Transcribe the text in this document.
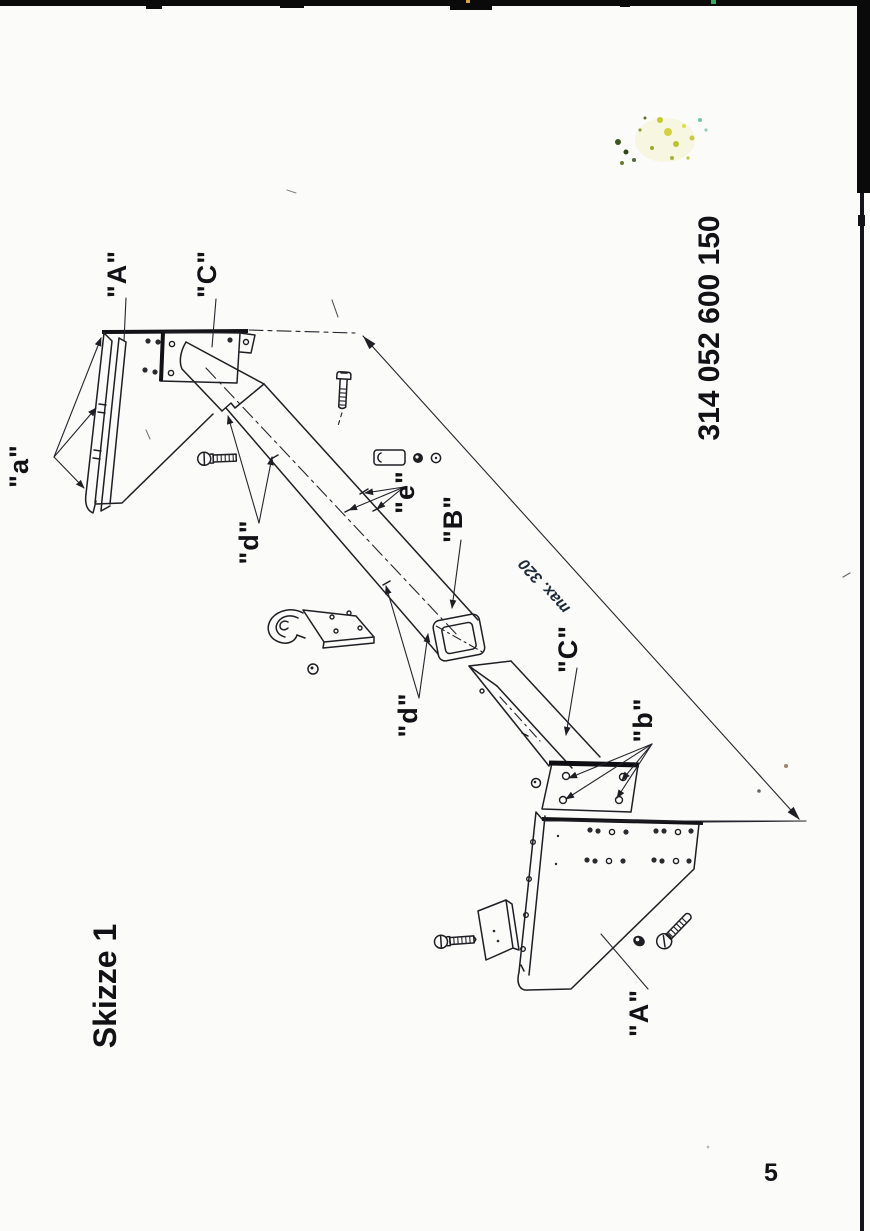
max. 320
"A" "C"
"a"
"d"
"e"
"B"
"d"
"C"
"b"
"A"
Skizze 1
314 052 600 150
5
